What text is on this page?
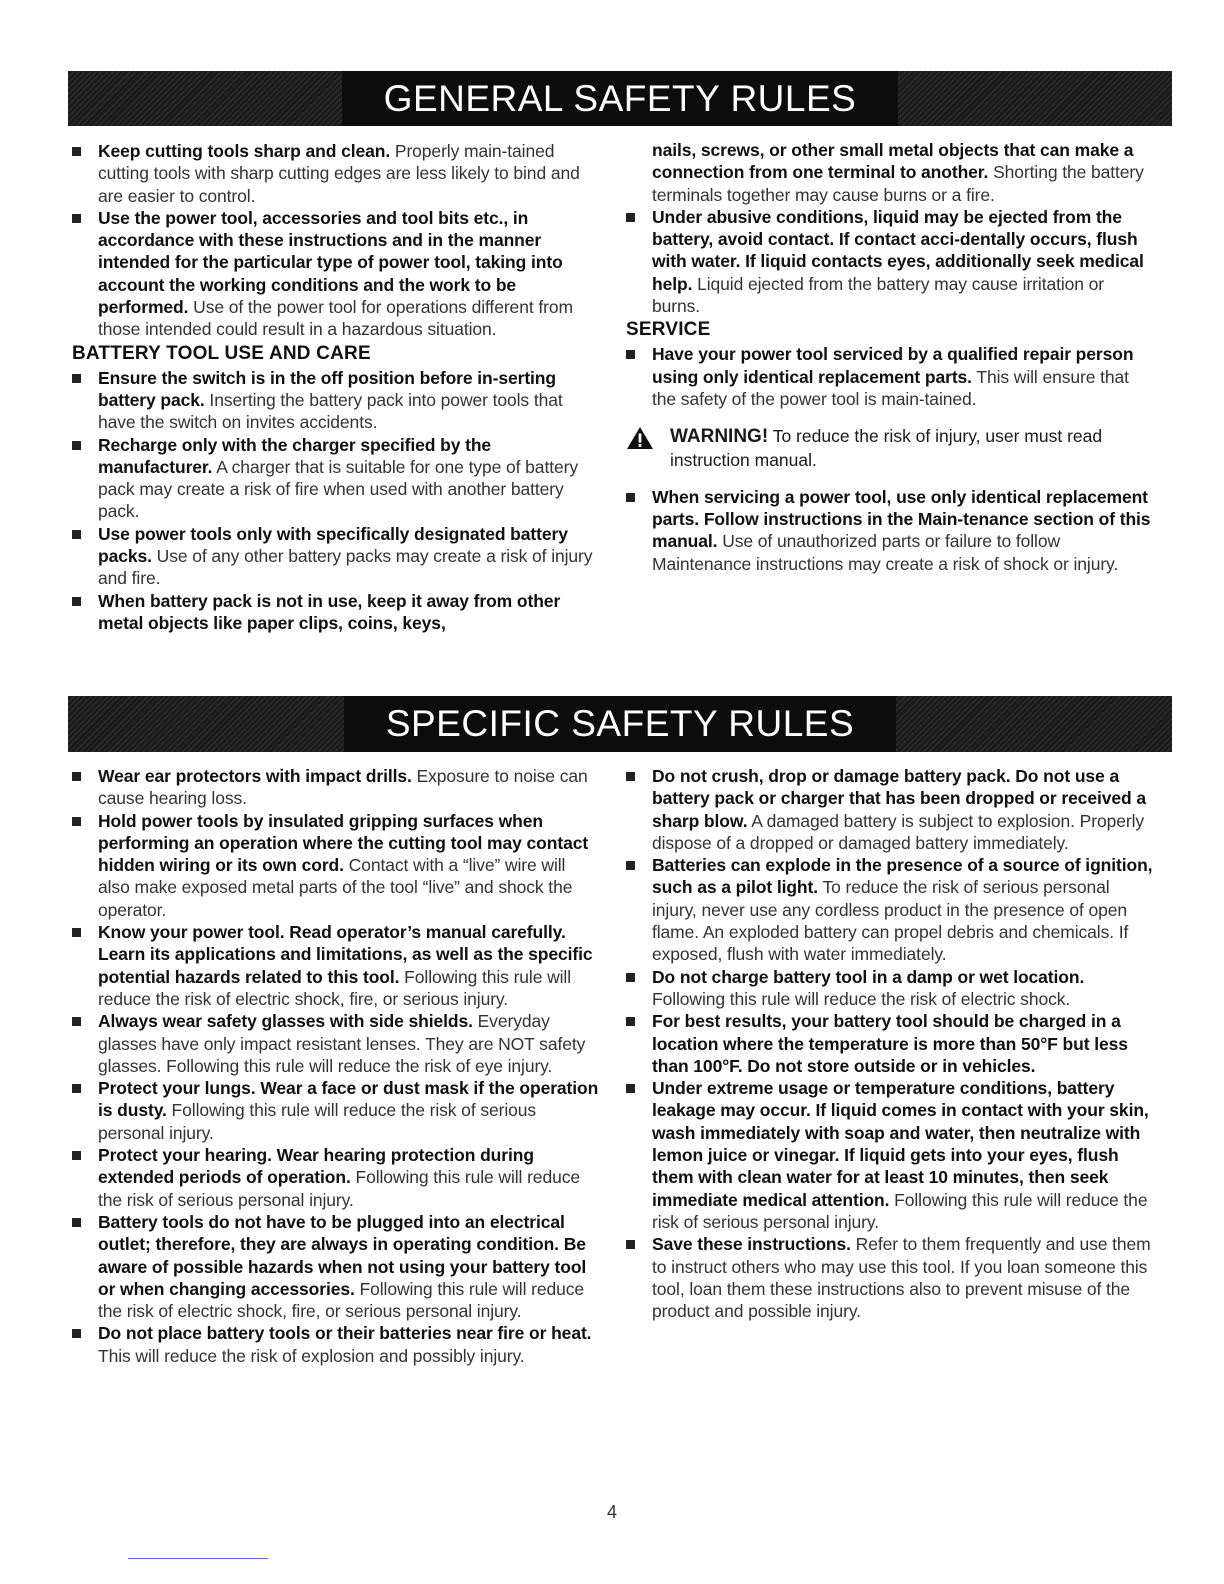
GENERAL SAFETY RULES
Keep cutting tools sharp and clean. Properly main-tained cutting tools with sharp cutting edges are less likely to bind and are easier to control.
Use the power tool, accessories and tool bits etc., in accordance with these instructions and in the manner intended for the particular type of power tool, taking into account the working conditions and the work to be performed. Use of the power tool for operations different from those intended could result in a hazardous situation.
BATTERY TOOL USE AND CARE
Ensure the switch is in the off position before in-serting battery pack. Inserting the battery pack into power tools that have the switch on invites accidents.
Recharge only with the charger specified by the manufacturer. A charger that is suitable for one type of battery pack may create a risk of fire when used with another battery pack.
Use power tools only with specifically designated battery packs. Use of any other battery packs may create a risk of injury and fire.
When battery pack is not in use, keep it away from other metal objects like paper clips, coins, keys,
nails, screws, or other small metal objects that can make a connection from one terminal to another. Shorting the battery terminals together may cause burns or a fire.
Under abusive conditions, liquid may be ejected from the battery, avoid contact. If contact acci-dentally occurs, flush with water. If liquid contacts eyes, additionally seek medical help. Liquid ejected from the battery may cause irritation or burns.
SERVICE
Have your power tool serviced by a qualified repair person using only identical replacement parts. This will ensure that the safety of the power tool is main-tained.
WARNING! To reduce the risk of injury, user must read instruction manual.
When servicing a power tool, use only identical replacement parts. Follow instructions in the Main-tenance section of this manual. Use of unauthorized parts or failure to follow Maintenance instructions may create a risk of shock or injury.
SPECIFIC SAFETY RULES
Wear ear protectors with impact drills. Exposure to noise can cause hearing loss.
Hold power tools by insulated gripping surfaces when performing an operation where the cutting tool may contact hidden wiring or its own cord. Contact with a “live” wire will also make exposed metal parts of the tool “live” and shock the operator.
Know your power tool. Read operator’s manual carefully. Learn its applications and limitations, as well as the specific potential hazards related to this tool. Following this rule will reduce the risk of electric shock, fire, or serious injury.
Always wear safety glasses with side shields. Everyday glasses have only impact resistant lenses. They are NOT safety glasses. Following this rule will reduce the risk of eye injury.
Protect your lungs. Wear a face or dust mask if the operation is dusty. Following this rule will reduce the risk of serious personal injury.
Protect your hearing. Wear hearing protection during extended periods of operation. Following this rule will reduce the risk of serious personal injury.
Battery tools do not have to be plugged into an electrical outlet; therefore, they are always in operating condition. Be aware of possible hazards when not using your battery tool or when changing accessories. Following this rule will reduce the risk of electric shock, fire, or serious personal injury.
Do not place battery tools or their batteries near fire or heat. This will reduce the risk of explosion and possibly injury.
Do not crush, drop or damage battery pack. Do not use a battery pack or charger that has been dropped or received a sharp blow. A damaged battery is subject to explosion. Properly dispose of a dropped or damaged battery immediately.
Batteries can explode in the presence of a source of ignition, such as a pilot light. To reduce the risk of serious personal injury, never use any cordless product in the presence of open flame. An exploded battery can propel debris and chemicals. If exposed, flush with water immediately.
Do not charge battery tool in a damp or wet location. Following this rule will reduce the risk of electric shock.
For best results, your battery tool should be charged in a location where the temperature is more than 50°F but less than 100°F. Do not store outside or in vehicles.
Under extreme usage or temperature conditions, battery leakage may occur. If liquid comes in contact with your skin, wash immediately with soap and water, then neutralize with lemon juice or vinegar. If liquid gets into your eyes, flush them with clean water for at least 10 minutes, then seek immediate medical attention. Following this rule will reduce the risk of serious personal injury.
Save these instructions. Refer to them frequently and use them to instruct others who may use this tool. If you loan someone this tool, loan them these instructions also to prevent misuse of the product and possible injury.
4
